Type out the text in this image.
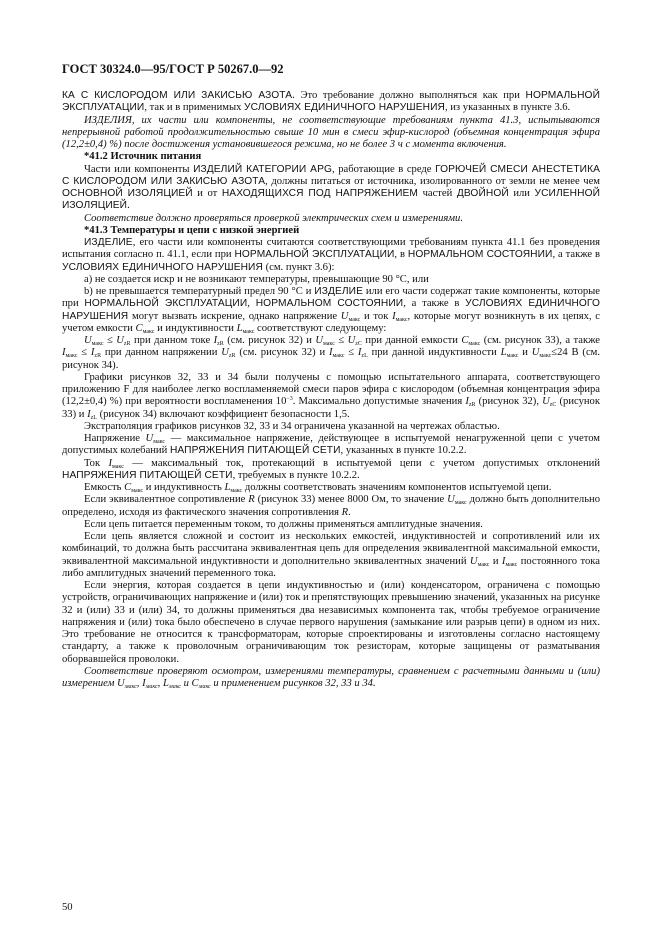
ГОСТ 30324.0—95/ГОСТ Р 50267.0—92

КА С КИСЛОРОДОМ ИЛИ ЗАКИСЬЮ АЗОТА. Это требование должно выполняться как при НОРМАЛЬНОЙ ЭКСПЛУАТАЦИИ, так и в применимых УСЛОВИЯХ ЕДИНИЧНОГО НАРУШЕНИЯ, из указанных в пункте 3.6.

ИЗДЕЛИЯ, их части или компоненты, не соответствующие требованиям пункта 41.3, испытываются непрерывной работой продолжительностью свыше 10 мин в смеси эфир-кислород (объемная концентрация эфира (12,2±0,4) %) после достижения установившегося режима, но не более 3 ч с момента включения.

*41.2 Источник питания

Части или компоненты ИЗДЕЛИЙ КАТЕГОРИИ APG, работающие в среде ГОРЮЧЕЙ СМЕСИ АНЕСТЕТИКА С КИСЛОРОДОМ ИЛИ ЗАКИСЬЮ АЗОТА, должны питаться от источника, изолированного от земли не менее чем ОСНОВНОЙ ИЗОЛЯЦИЕЙ и от НАХОДЯЩИХСЯ ПОД НАПРЯЖЕНИЕМ частей ДВОЙНОЙ или УСИЛЕННОЙ ИЗОЛЯЦИЕЙ.

Соответствие должно проверяться проверкой электрических схем и измерениями.

*41.3 Температуры и цепи с низкой энергией

ИЗДЕЛИЕ, его части или компоненты считаются соответствующими требованиям пункта 41.1 без проведения испытания согласно п. 41.1, если при НОРМАЛЬНОЙ ЭКСПЛУАТАЦИИ, в НОРМАЛЬНОМ СОСТОЯНИИ, а также в УСЛОВИЯХ ЕДИНИЧНОГО НАРУШЕНИЯ (см. пункт 3.6):

a) не создается искр и не возникают температуры, превышающие 90 °С, или

b) не превышается температурный предел 90 °С и ИЗДЕЛИЕ или его части содержат такие компоненты, которые при НОРМАЛЬНОЙ ЭКСПЛУАТАЦИИ, НОРМАЛЬНОМ СОСТОЯНИИ, а также в УСЛОВИЯХ ЕДИНИЧНОГО НАРУШЕНИЯ могут вызвать искрение, однако напряжение $U_{макс}$ и ток $I_{макс}$, которые могут возникнуть в их цепях, с учетом емкости $C_{макс}$ и индуктивности $L_{макс}$ соответствуют следующему:

$U_{макс} \le U_{zR}$ при данном токе $I_{zR}$ (см. рисунок 32) и $U_{макс} \le U_{zC}$ при данной емкости $C_{макс}$ (см. рисунок 33), а также $I_{макс} \le I_{zR}$ при данном напряжении $U_{zR}$ (см. рисунок 32) и $I_{макс} \le I_{zL}$ при данной индуктивности $L_{макс}$ и $U_{макс}\le 24$ В (см. рисунок 34).

Графики рисунков 32, 33 и 34 были получены с помощью испытательного аппарата, соответствующего приложению F для наиболее легко воспламеняемой смеси паров эфира с кислородом (объемная концентрация эфира (12,2±0,4) %) при вероятности воспламенения $10^{-3}$. Максимально допустимые значения $I_{zR}$ (рисунок 32), $U_{zC}$ (рисунок 33) и $I_{zL}$ (рисунок 34) включают коэффициент безопасности 1,5.

Экстраполяция графиков рисунков 32, 33 и 34 ограничена указанной на чертежах областью.

Напряжение $U_{макс}$ — максимальное напряжение, действующее в испытуемой ненагруженной цепи с учетом допустимых колебаний НАПРЯЖЕНИЯ ПИТАЮЩЕЙ СЕТИ, указанных в пункте 10.2.2.

Ток $I_{макс}$ — максимальный ток, протекающий в испытуемой цепи с учетом допустимых отклонений НАПРЯЖЕНИЯ ПИТАЮЩЕЙ СЕТИ, требуемых в пункте 10.2.2.

Емкость $C_{макс}$ и индуктивность $L_{макс}$ должны соответствовать значениям компонентов испытуемой цепи.

Если эквивалентное сопротивление R (рисунок 33) менее 8000 Ом, то значение $U_{макс}$ должно быть дополнительно определено, исходя из фактического значения сопротивления R.

Если цепь питается переменным током, то должны применяться амплитудные значения.

Если цепь является сложной и состоит из нескольких емкостей, индуктивностей и сопротивлений или их комбинаций, то должна быть рассчитана эквивалентная цепь для определения эквивалентной максимальной емкости, эквивалентной максимальной индуктивности и дополнительно эквивалентных значений $U_{макс}$ и $I_{макс}$ постоянного тока либо амплитудных значений переменного тока.

Если энергия, которая создается в цепи индуктивностью и (или) конденсатором, ограничена с помощью устройств, ограничивающих напряжение и (или) ток и препятствующих превышению значений, указанных на рисунке 32 и (или) 33 и (или) 34, то должны применяться два независимых компонента так, чтобы требуемое ограничение напряжения и (или) тока было обеспечено в случае первого нарушения (замыкание или разрыв цепи) в одном из них. Это требование не относится к трансформаторам, которые спроектированы и изготовлены согласно настоящему стандарту, а также к проволочным ограничивающим ток резисторам, которые защищены от разматывания оборвавшейся проволоки.

Соответствие проверяют осмотром, измерениями температуры, сравнением с расчетными данными и (или) измерением $U_{макс}$, $I_{макс}$, $L_{макс}$ и $C_{макс}$ и применением рисунков 32, 33 и 34.

50
